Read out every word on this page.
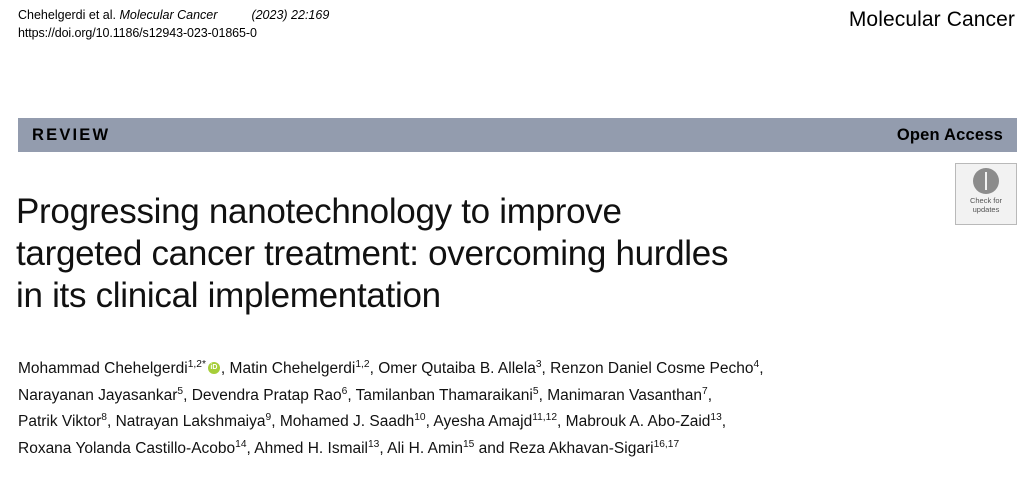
Chehelgerdi et al. Molecular Cancer	(2023) 22:169
https://doi.org/10.1186/s12943-023-01865-0
Molecular Cancer
REVIEW	Open Access
Progressing nanotechnology to improve
targeted cancer treatment: overcoming hurdles
in its clinical implementation
Check for
updates
Mohammad Chehelgerdi$^{1,2*}$ iD , Matin Chehelgerdi$^{1,2}$, Omer Qutaiba B. Allela$^3$, Renzon Daniel Cosme Pecho$^4$,
Narayanan Jayasankar$^5$, Devendra Pratap Rao$^6$, Tamilanban Thamaraikani$^5$, Manimaran Vasanthan$^7$,
Patrik Viktor$^8$, Natrayan Lakshmaiya$^9$, Mohamed J. Saadh$^{10}$, Ayesha Amajd$^{11,12}$, Mabrouk A. Abo-Zaid$^{13}$,
Roxana Yolanda Castillo-Acobo$^{14}$, Ahmed H. Ismail$^{13}$, Ali H. Amin$^{15}$ and Reza Akhavan-Sigari$^{16,17}$
